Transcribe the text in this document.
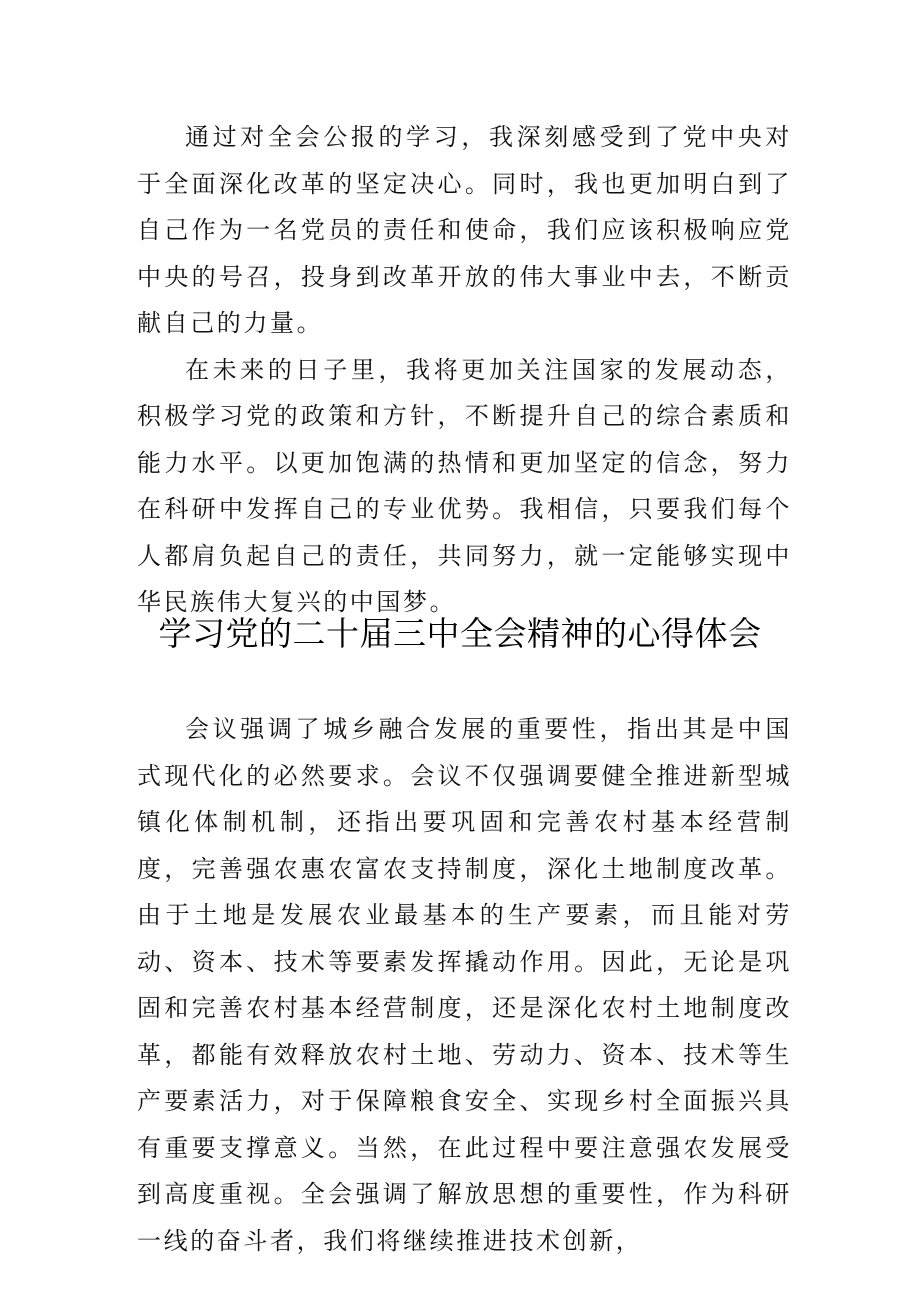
通过对全会公报的学习，我深刻感受到了党中央对于全面深化改革的坚定决心。同时，我也更加明白到了自己作为一名党员的责任和使命，我们应该积极响应党中央的号召，投身到改革开放的伟大事业中去，不断贡献自己的力量。

在未来的日子里，我将更加关注国家的发展动态，积极学习党的政策和方针，不断提升自己的综合素质和能力水平。以更加饱满的热情和更加坚定的信念，努力在科研中发挥自己的专业优势。我相信，只要我们每个人都肩负起自己的责任，共同努力，就一定能够实现中华民族伟大复兴的中国梦。

学习党的二十届三中全会精神的心得体会

会议强调了城乡融合发展的重要性，指出其是中国式现代化的必然要求。会议不仅强调要健全推进新型城镇化体制机制，还指出要巩固和完善农村基本经营制度，完善强农惠农富农支持制度，深化土地制度改革。由于土地是发展农业最基本的生产要素，而且能对劳动、资本、技术等要素发挥撬动作用。因此，无论是巩固和完善农村基本经营制度，还是深化农村土地制度改革，都能有效释放农村土地、劳动力、资本、技术等生产要素活力，对于保障粮食安全、实现乡村全面振兴具有重要支撑意义。当然，在此过程中要注意强农发展受到高度重视。全会强调了解放思想的重要性，作为科研一线的奋斗者，我们将继续推进技术创新，
